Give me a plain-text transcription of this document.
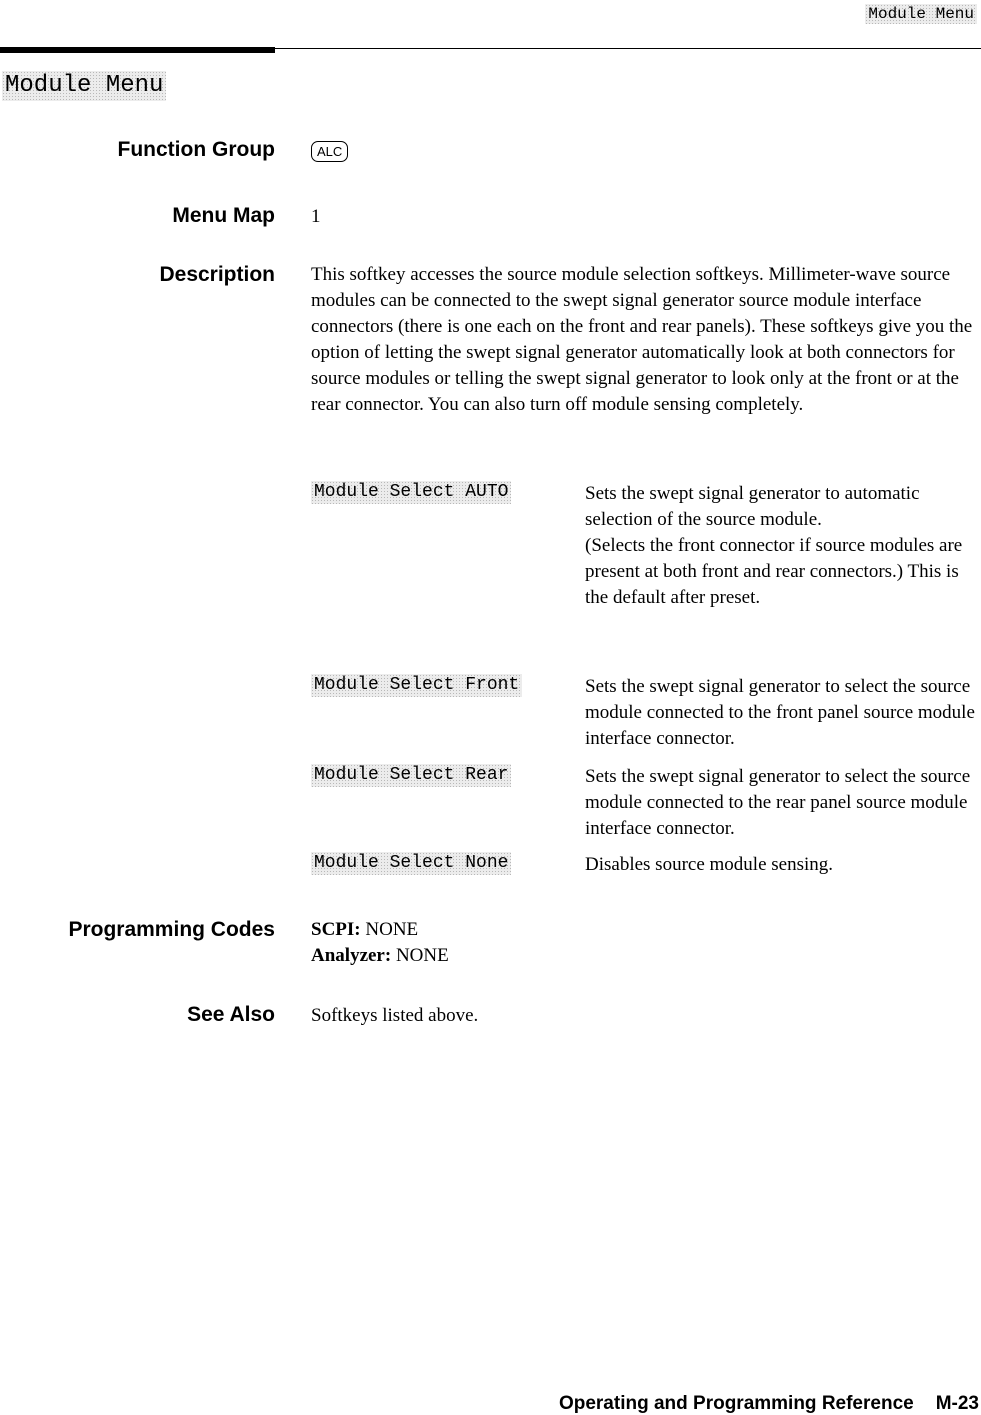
Module Menu
Module Menu
Function Group	ALC
Menu Map 1
Description This softkey accesses the source module selection softkeys. Millimeter-wave source modules can be connected to the swept signal generator source module interface connectors (there is one each on the front and rear panels). These softkeys give you the option of letting the swept signal generator automatically look at both connectors for source modules or telling the swept signal generator to look only at the front or at the rear connector. You can also turn off module sensing completely.
Module Select AUTO	Sets the swept signal generator to automatic selection of the source module.
(Selects the front connector if source modules are present at both front and rear connectors.) This is the default after preset.
Module Select Front	Sets the swept signal generator to select the source module connected to the front panel source module interface connector.
Module Select Rear	Sets the swept signal generator to select the source module connected to the rear panel source module interface connector.
Module Select None	Disables source module sensing.
Programming Codes SCPI: NONE
Analyzer: NONE
See Also Softkeys listed above.
Operating and Programming Reference M-23
